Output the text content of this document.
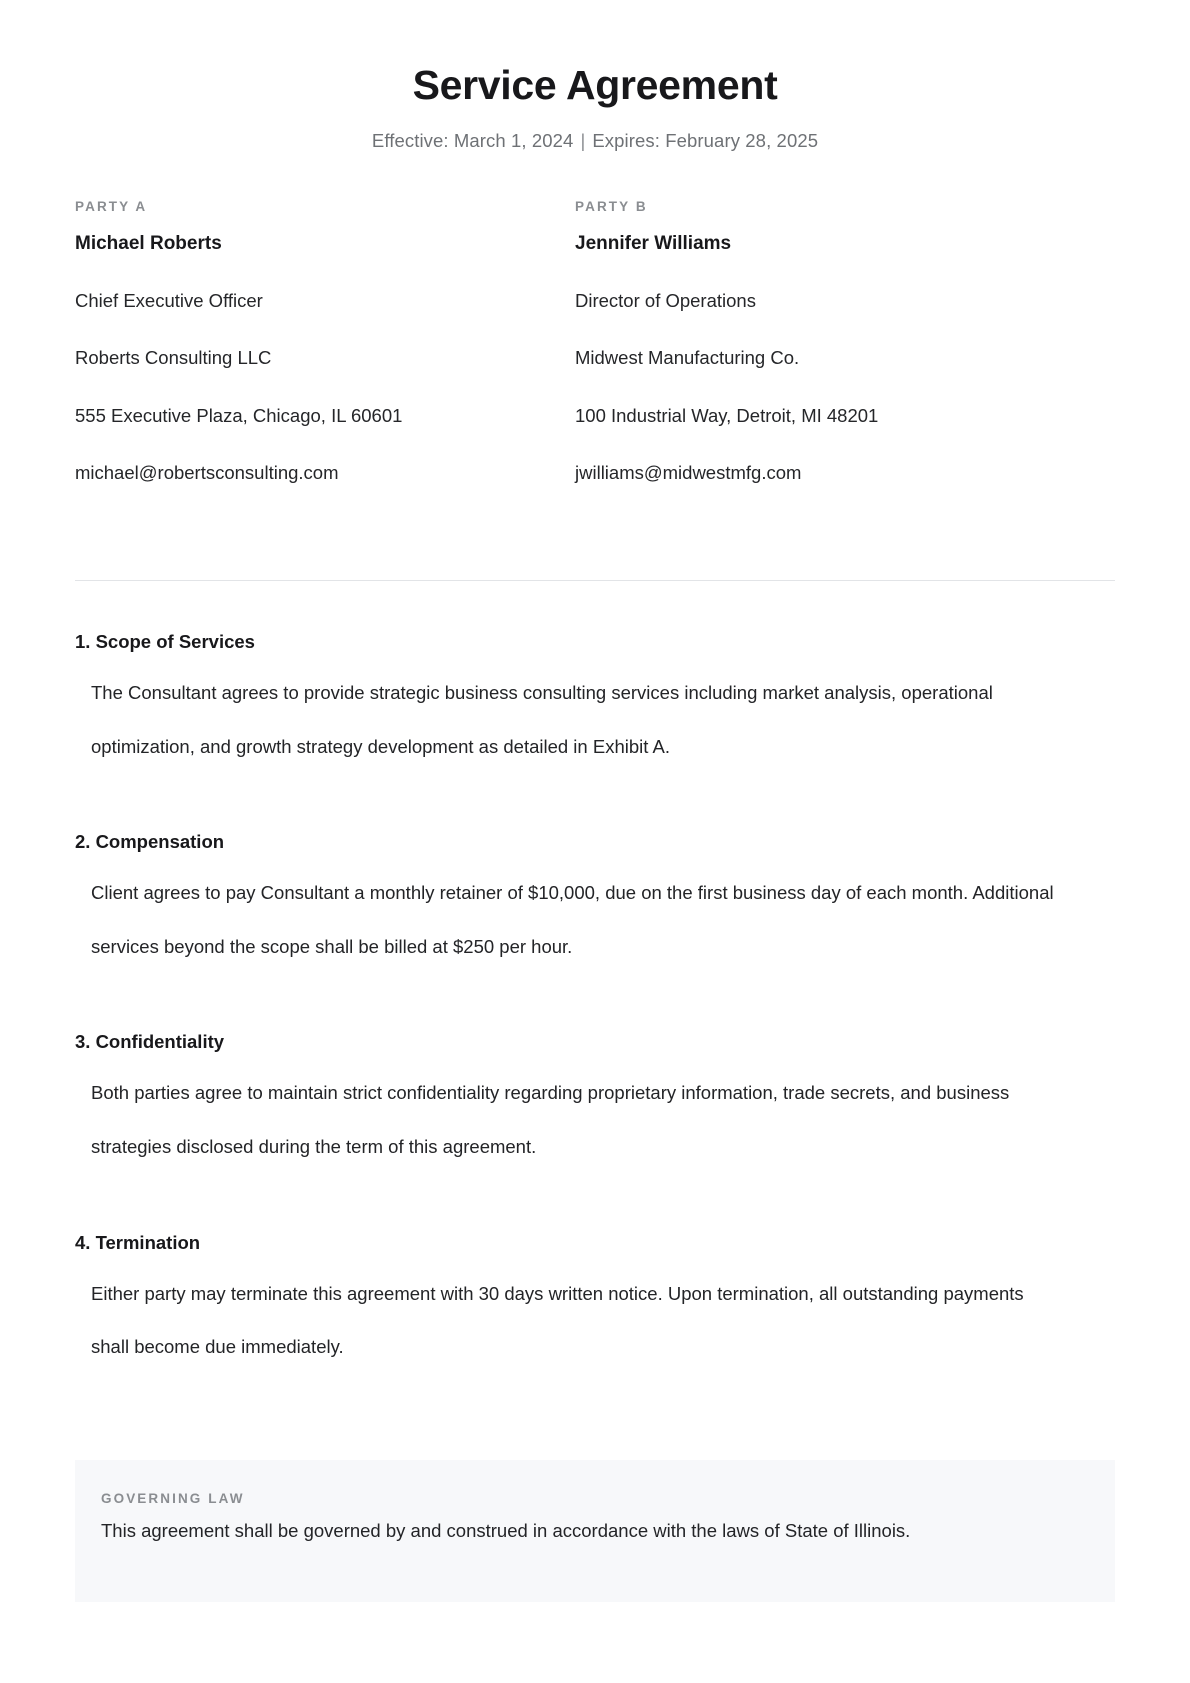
Service Agreement
Effective: March 1, 2024 | Expires: February 28, 2025
PARTY A
Michael Roberts
Chief Executive Officer
Roberts Consulting LLC
555 Executive Plaza, Chicago, IL 60601
michael@robertsconsulting.com
PARTY B
Jennifer Williams
Director of Operations
Midwest Manufacturing Co.
100 Industrial Way, Detroit, MI 48201
jwilliams@midwestmfg.com
1. Scope of Services
The Consultant agrees to provide strategic business consulting services including market analysis, operational optimization, and growth strategy development as detailed in Exhibit A.
2. Compensation
Client agrees to pay Consultant a monthly retainer of $10,000, due on the first business day of each month. Additional services beyond the scope shall be billed at $250 per hour.
3. Confidentiality
Both parties agree to maintain strict confidentiality regarding proprietary information, trade secrets, and business strategies disclosed during the term of this agreement.
4. Termination
Either party may terminate this agreement with 30 days written notice. Upon termination, all outstanding payments shall become due immediately.
GOVERNING LAW
This agreement shall be governed by and construed in accordance with the laws of State of Illinois.
